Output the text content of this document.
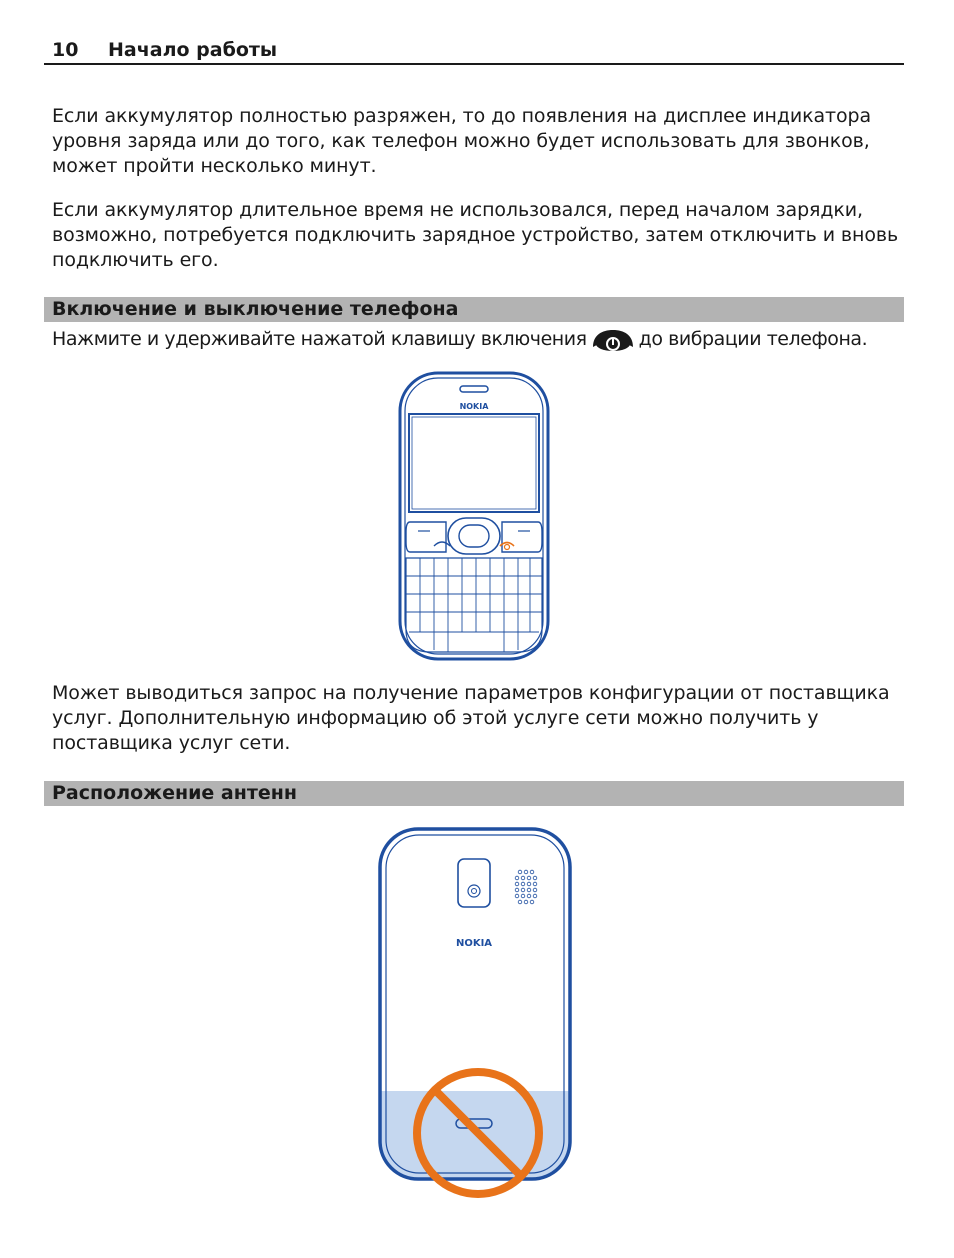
10 Начало работы

Если аккумулятор полностью разряжен, то до появления на дисплее индикатора уровня заряда или до того, как телефон можно будет использовать для звонков, может пройти несколько минут.

Если аккумулятор длительное время не использовался, перед началом зарядки, возможно, потребуется подключить зарядное устройство, затем отключить и вновь подключить его.

Включение и выключение телефона
Нажмите и удерживайте нажатой клавишу включения	до вибрации телефона.
NOKIA

Может выводиться запрос на получение параметров конфигурации от поставщика услуг. Дополнительную информацию об этой услуге сети можно получить у поставщика услуг сети.

Расположение антенн
NOKIA
